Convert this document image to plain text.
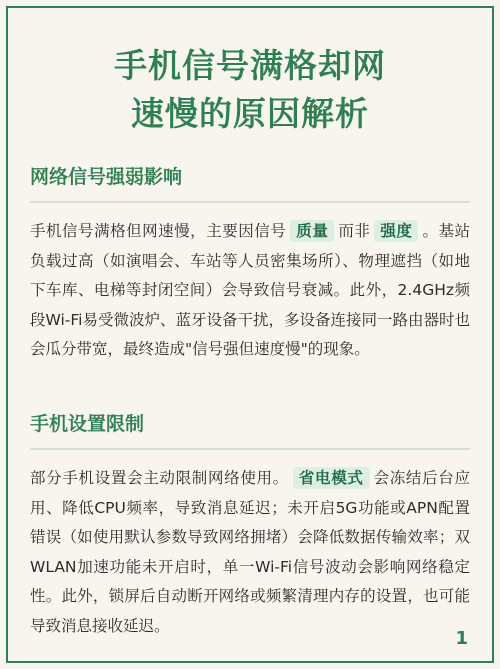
手机信号满格却网
速慢的原因解析
网络信号强弱影响
手机信号满格但网速慢，主要因信号 质量 而非 强度 。基站负载过高（如演唱会、车站等人员密集场所）、物理遮挡（如地下车库、电梯等封闭空间）会导致信号衰减。此外，2.4GHz频段Wi-Fi易受微波炉、蓝牙设备干扰，多设备连接同一路由器时也会瓜分带宽，最终造成"信号强但速度慢"的现象。
手机设置限制
部分手机设置会主动限制网络使用。 省电模式 会冻结后台应用、降低CPU频率，导致消息延迟；未开启5G功能或APN配置错误（如使用默认参数导致网络拥堵）会降低数据传输效率；双WLAN加速功能未开启时，单一Wi-Fi信号波动会影响网络稳定性。此外，锁屏后自动断开网络或频繁清理内存的设置，也可能导致消息接收延迟。
1
